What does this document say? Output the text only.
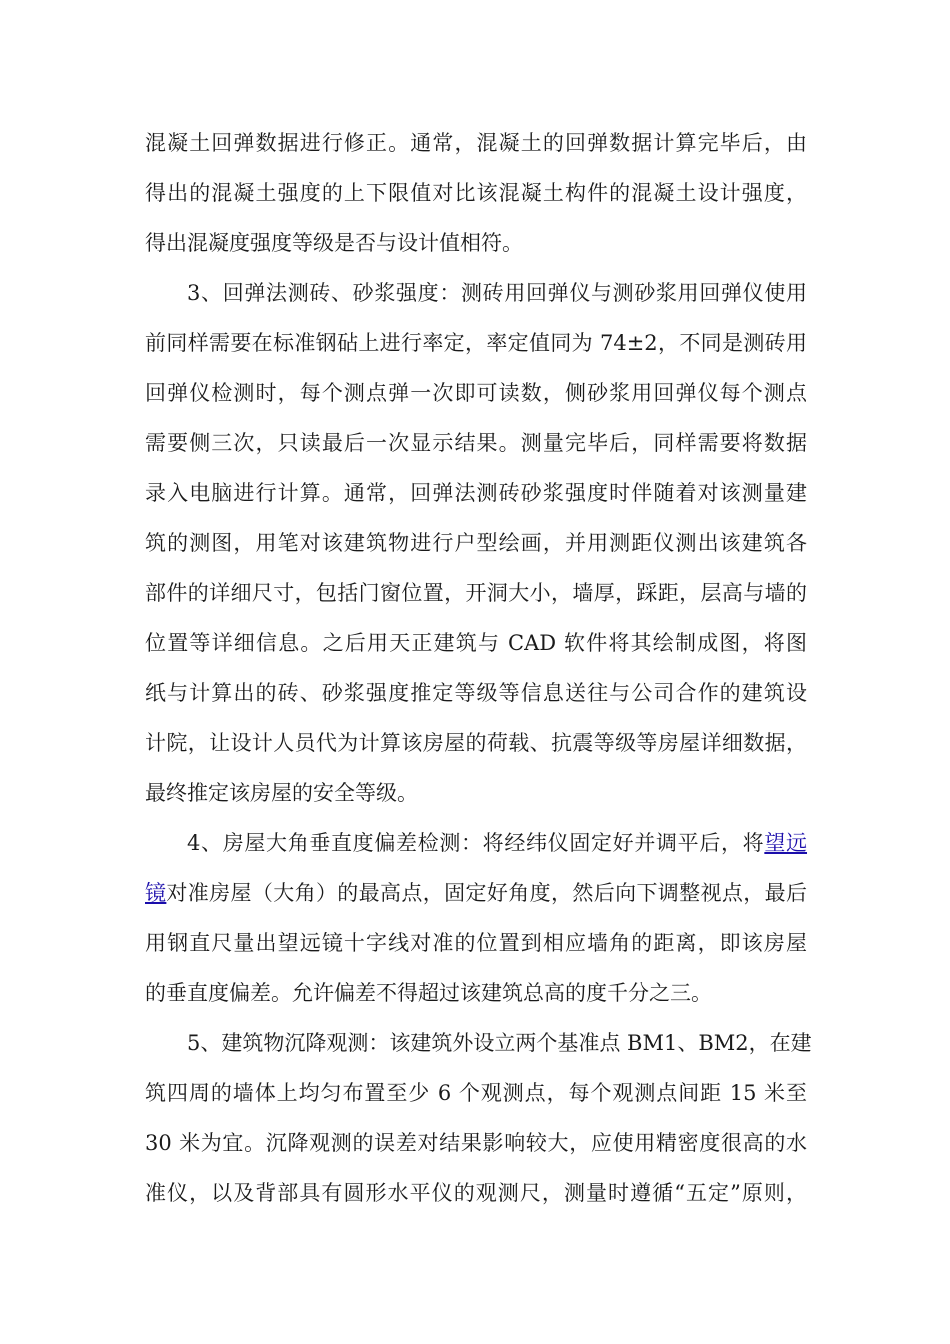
混凝土回弹数据进行修正。通常，混凝土的回弹数据计算完毕后，由
得出的混凝土强度的上下限值对比该混凝土构件的混凝土设计强度，
得出混凝度强度等级是否与设计值相符。
3、回弹法测砖、砂浆强度：测砖用回弹仪与测砂浆用回弹仪使用
前同样需要在标准钢砧上进行率定，率定值同为 74±2，不同是测砖用
回弹仪检测时，每个测点弹一次即可读数，侧砂浆用回弹仪每个测点
需要侧三次，只读最后一次显示结果。测量完毕后，同样需要将数据
录入电脑进行计算。通常，回弹法测砖砂浆强度时伴随着对该测量建
筑的测图，用笔对该建筑物进行户型绘画，并用测距仪测出该建筑各
部件的详细尺寸，包括门窗位置，开洞大小，墙厚，踩距，层高与墙的
位置等详细信息。之后用天正建筑与 CAD 软件将其绘制成图，将图
纸与计算出的砖、砂浆强度推定等级等信息送往与公司合作的建筑设
计院，让设计人员代为计算该房屋的荷载、抗震等级等房屋详细数据，
最终推定该房屋的安全等级。
4、房屋大角垂直度偏差检测：将经纬仪固定好并调平后，将望远
镜对准房屋（大角）的最高点，固定好角度，然后向下调整视点，最后
用钢直尺量出望远镜十字线对准的位置到相应墙角的距离，即该房屋
的垂直度偏差。允许偏差不得超过该建筑总高的度千分之三。
5、建筑物沉降观测：该建筑外设立两个基准点 BM1、BM2，在建
筑四周的墙体上均匀布置至少 6 个观测点，每个观测点间距 15 米至
30 米为宜。沉降观测的误差对结果影响较大，应使用精密度很高的水
准仪，以及背部具有圆形水平仪的观测尺，测量时遵循“五定”原则，
